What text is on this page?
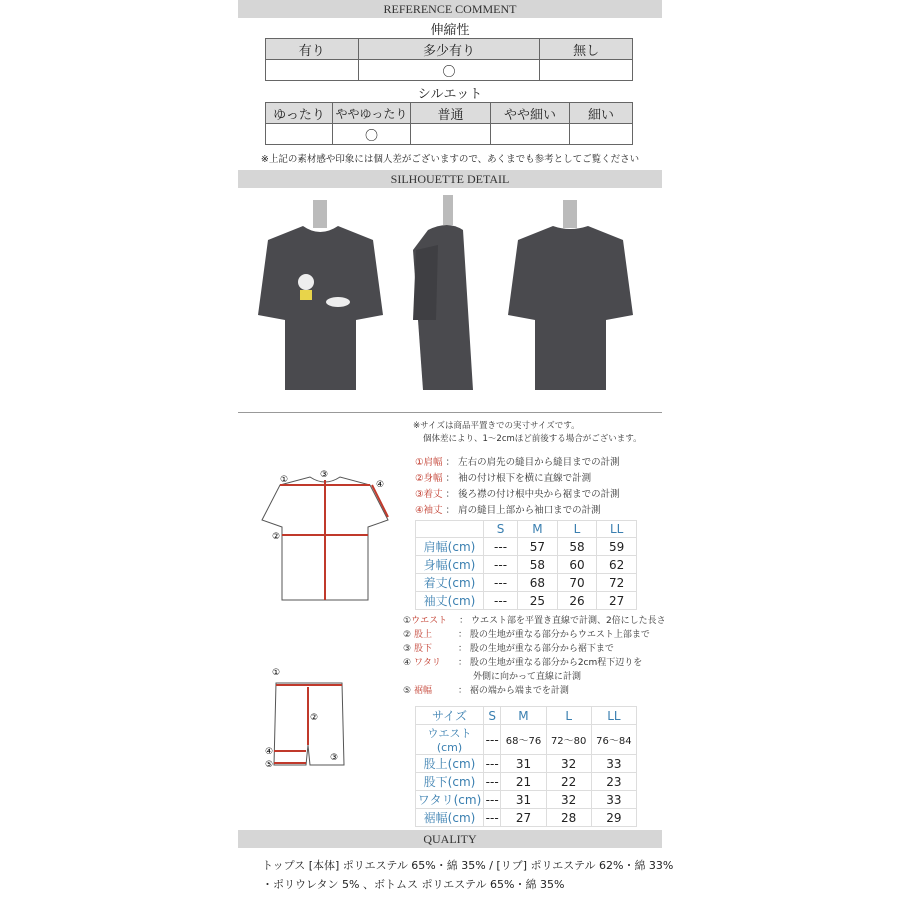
REFERENCE COMMENT
伸縮性
有り	多少有り	無し
	〇	
シルエット
ゆったり	ややゆったり	普通	やや細い	細い
	〇			
※上記の素材感や印象には個人差がございますので、あくまでも参考としてご覧ください
SILHOUETTE DETAIL
※サイズは商品平置きでの実寸サイズです。
個体差により、1～2cmほど前後する場合がございます。
①肩幅 ： 左右の肩先の縫目から縫目までの計測
②身幅 ： 袖の付け根下を横に直線で計測
③着丈 ： 後ろ襟の付け根中央から裾までの計測
④袖丈 ： 肩の縫目上部から袖口までの計測
	S	M	L	LL
肩幅(cm)	---	57	58	59
身幅(cm)	---	58	60	62
着丈(cm)	---	68	70	72
袖丈(cm)	---	25	26	27
①
②
③
④
①ウエスト ： ウエスト部を平置き直線で計測、2倍にした長さ
② 股上	： 股の生地が重なる部分からウエスト上部まで
③ 股下	： 股の生地が重なる部分から裾下まで
④ ワタリ ： 股の生地が重なる部分から2cm程下辺りを
外側に向かって直線に計測
⑤ 裾幅	： 裾の端から端までを計測
サイズ	S	M	L	LL
ウエスト(cm)	---	68～76	72～80	76～84
股上(cm)	---	31	32	33
股下(cm)	---	21	22	23
ワタリ(cm)	---	31	32	33
裾幅(cm)	---	27	28	29
①
②
③
④
⑤
QUALITY
トップス [本体] ポリエステル 65%・綿 35% / [リブ] ポリエステル 62%・綿 33%
・ポリウレタン 5% 、ボトムス ポリエステル 65%・綿 35%
